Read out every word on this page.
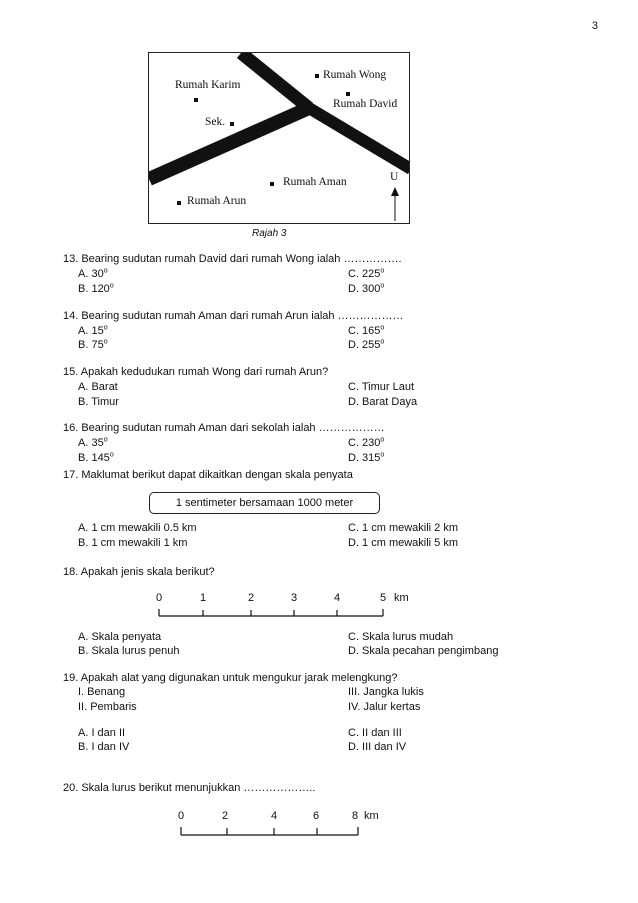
3
Rumah Karim
Rumah Wong
Rumah David
Sek.
Rumah Aman
Rumah Arun
U
Rajah 3
13. Bearing sudutan rumah David dari rumah Wong ialah …………….
A. 30$^o$	C. 225$^o$
B. 120$^o$	D. 300$^o$
14. Bearing sudutan rumah Aman dari rumah Arun ialah ………………
A. 15$^o$	C. 165$^o$
B. 75$^o$	D. 255$^o$
15. Apakah kedudukan rumah Wong dari rumah Arun?
A. Barat	C. Timur Laut
B. Timur	D. Barat Daya
16. Bearing sudutan rumah Aman dari sekolah ialah ………………
A. 35$^o$	C. 230$^o$
B. 145$^o$	D. 315$^o$
17. Maklumat berikut dapat dikaitkan dengan skala penyata
1 sentimeter bersamaan 1000 meter
A. 1 cm mewakili 0.5 km	C. 1 cm mewakili 2 km
B. 1 cm mewakili 1 km	D. 1 cm mewakili 5 km
18. Apakah jenis skala berikut?
0	1	2	3	4	5 km
A. Skala penyata	C. Skala lurus mudah
B. Skala lurus penuh	D. Skala pecahan pengimbang
19. Apakah alat yang digunakan untuk mengukur jarak melengkung?
I. Benang	III. Jangka lukis
II. Pembaris	IV. Jalur kertas
A. I dan II	C. II dan III
B. I dan IV	D. III dan IV
20. Skala lurus berikut menunjukkan ………………..
0	2	4	6	8 km
